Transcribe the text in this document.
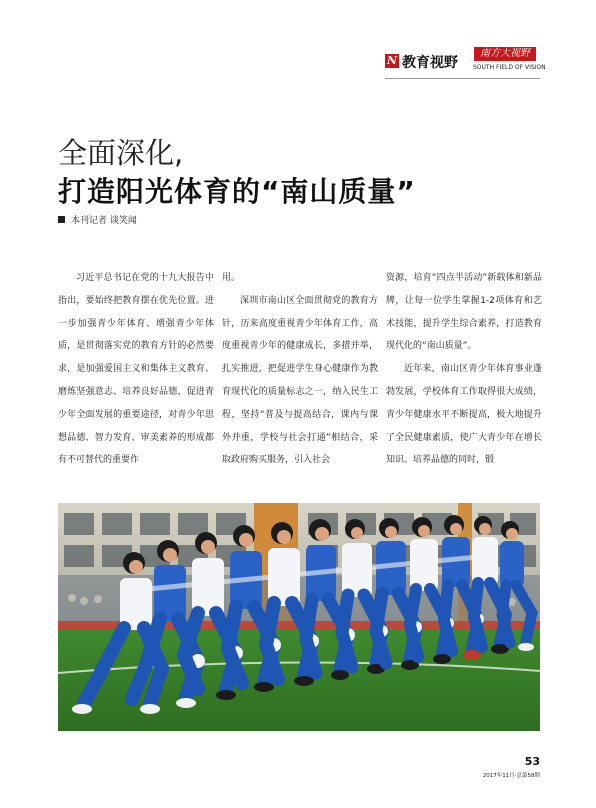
N 教育视野
南方大视野
SOUTH FIELD OF VISION
全面深化,
打造阳光体育的“南山质量”
本刊记者 谈笑闻

习近平总书记在党的十九大报告中指出，要始终把教育摆在优先位置。进一步加强青少年体育、增强青少年体质，是贯彻落实党的教育方针的必然要求，是加强爱国主义和集体主义教育、磨炼坚强意志、培养良好品德、促进青少年全面发展的重要途径，对青少年思想品德、智力发育、审美素养的形成都有不可替代的重要作

用。

深圳市南山区全面贯彻党的教育方针，历来高度重视青少年体育工作，高度重视青少年的健康成长，多措并举，扎实推进，把促进学生身心健康作为教育现代化的质量标志之一，纳入民生工程，坚持“普及与提高结合，课内与课外并重，学校与社会打通”相结合，采取政府购买服务，引入社会

资源，培育“四点半活动”新载体和新品牌，让每一位学生掌握1-2项体育和艺术技能，提升学生综合素养，打造教育现代化的“南山质量”。

近年来，南山区青少年体育事业蓬勃发展，学校体育工作取得很大成绩，青少年健康水平不断提高，极大地提升了全民健康素质，使广大青少年在增长知识、培养品德的同时，锻

53
2017年11月·总第58期
